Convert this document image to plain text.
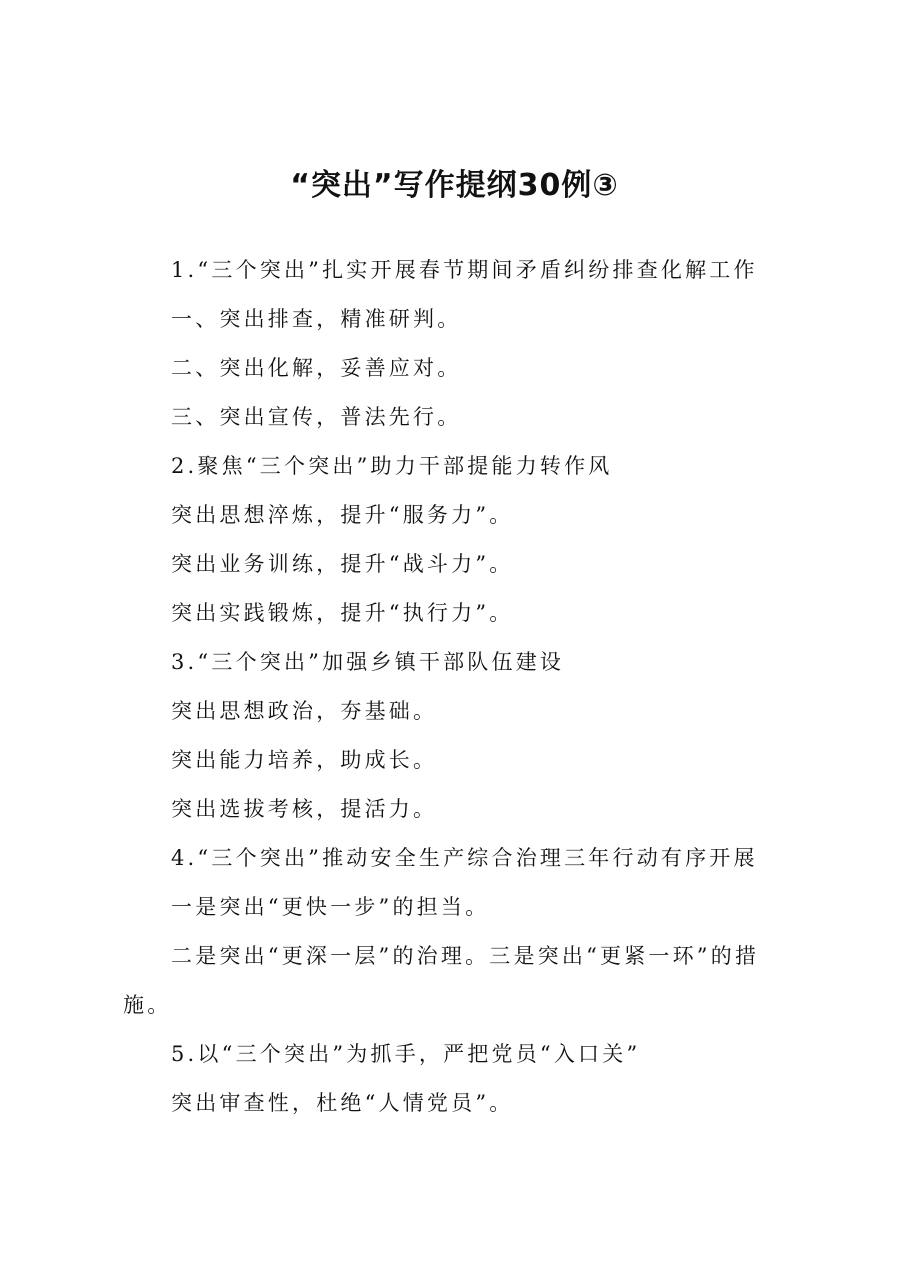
“突出”写作提纲30例③

1.“三个突出”扎实开展春节期间矛盾纠纷排查化解工作

一、突出排查，精准研判。

二、突出化解，妥善应对。

三、突出宣传，普法先行。

2.聚焦“三个突出”助力干部提能力转作风

突出思想淬炼，提升“服务力”。

突出业务训练，提升“战斗力”。

突出实践锻炼，提升“执行力”。

3.“三个突出”加强乡镇干部队伍建设

突出思想政治，夯基础。

突出能力培养，助成长。

突出选拔考核，提活力。

4.“三个突出”推动安全生产综合治理三年行动有序开展

一是突出“更快一步”的担当。

二是突出“更深一层”的治理。三是突出“更紧一环”的措施。

5.以“三个突出”为抓手，严把党员“入口关”

突出审查性，杜绝“人情党员”。
